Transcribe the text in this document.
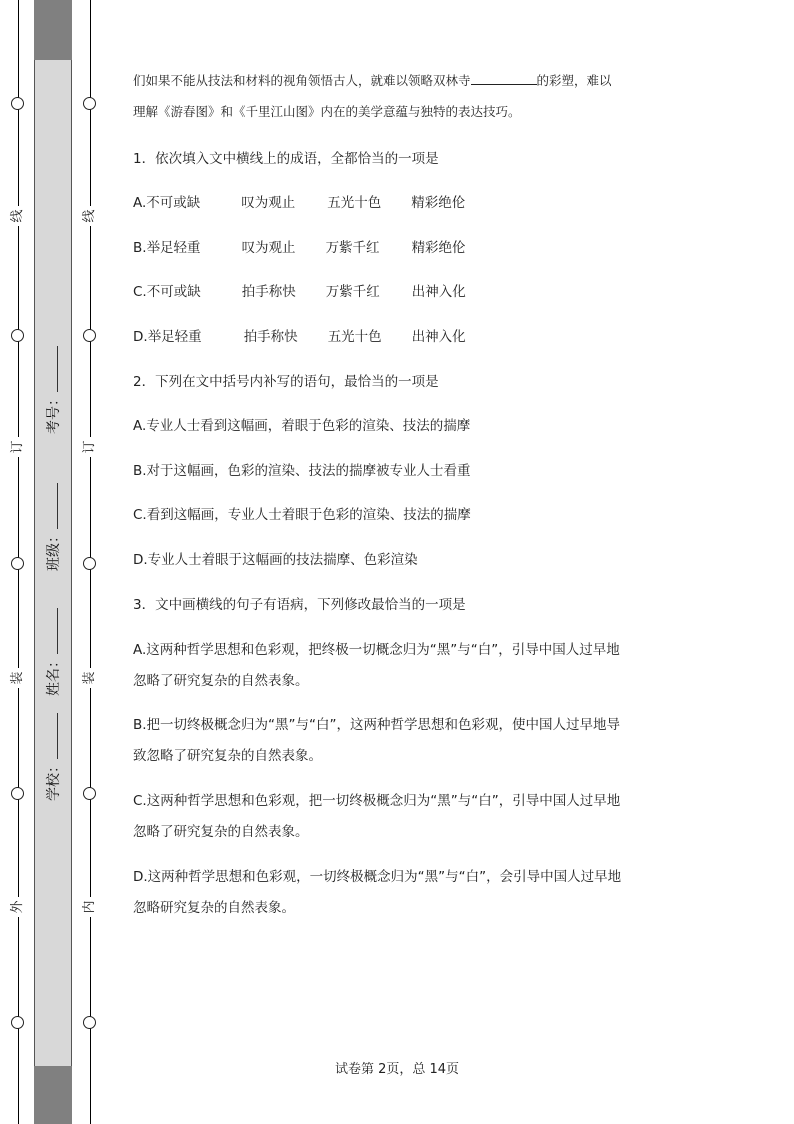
线
订
装
外
线
订
装
内
考号：
班级：
姓名：
学校：
们如果不能从技法和材料的视角领悟古人，就难以领略双林寺	的彩塑，难以
理解《游春图》和《千里江山图》内在的美学意蕴与独特的表达技巧。
1．依次填入文中横线上的成语，全都恰当的一项是
A.不可或缺	叹为观止 五光十色 精彩绝伦
B.举足轻重	叹为观止 万紫千红 精彩绝伦
C.不可或缺	拍手称快 万紫千红 出神入化
D.举足轻重	拍手称快 五光十色 出神入化
2．下列在文中括号内补写的语句，最恰当的一项是
A.专业人士看到这幅画，着眼于色彩的渲染、技法的揣摩
B.对于这幅画，色彩的渲染、技法的揣摩被专业人士看重
C.看到这幅画，专业人士着眼于色彩的渲染、技法的揣摩
D.专业人士着眼于这幅画的技法揣摩、色彩渲染
3．文中画横线的句子有语病，下列修改最恰当的一项是
A.这两种哲学思想和色彩观，把终极一切概念归为“黑”与“白”，引导中国人过早地
忽略了研究复杂的自然表象。
B.把一切终极概念归为“黑”与“白”，这两种哲学思想和色彩观，使中国人过早地导
致忽略了研究复杂的自然表象。
C.这两种哲学思想和色彩观，把一切终极概念归为“黑”与“白”，引导中国人过早地
忽略了研究复杂的自然表象。
D.这两种哲学思想和色彩观，一切终极概念归为“黑”与“白”，会引导中国人过早地
忽略研究复杂的自然表象。
试卷第 2页，总 14页
